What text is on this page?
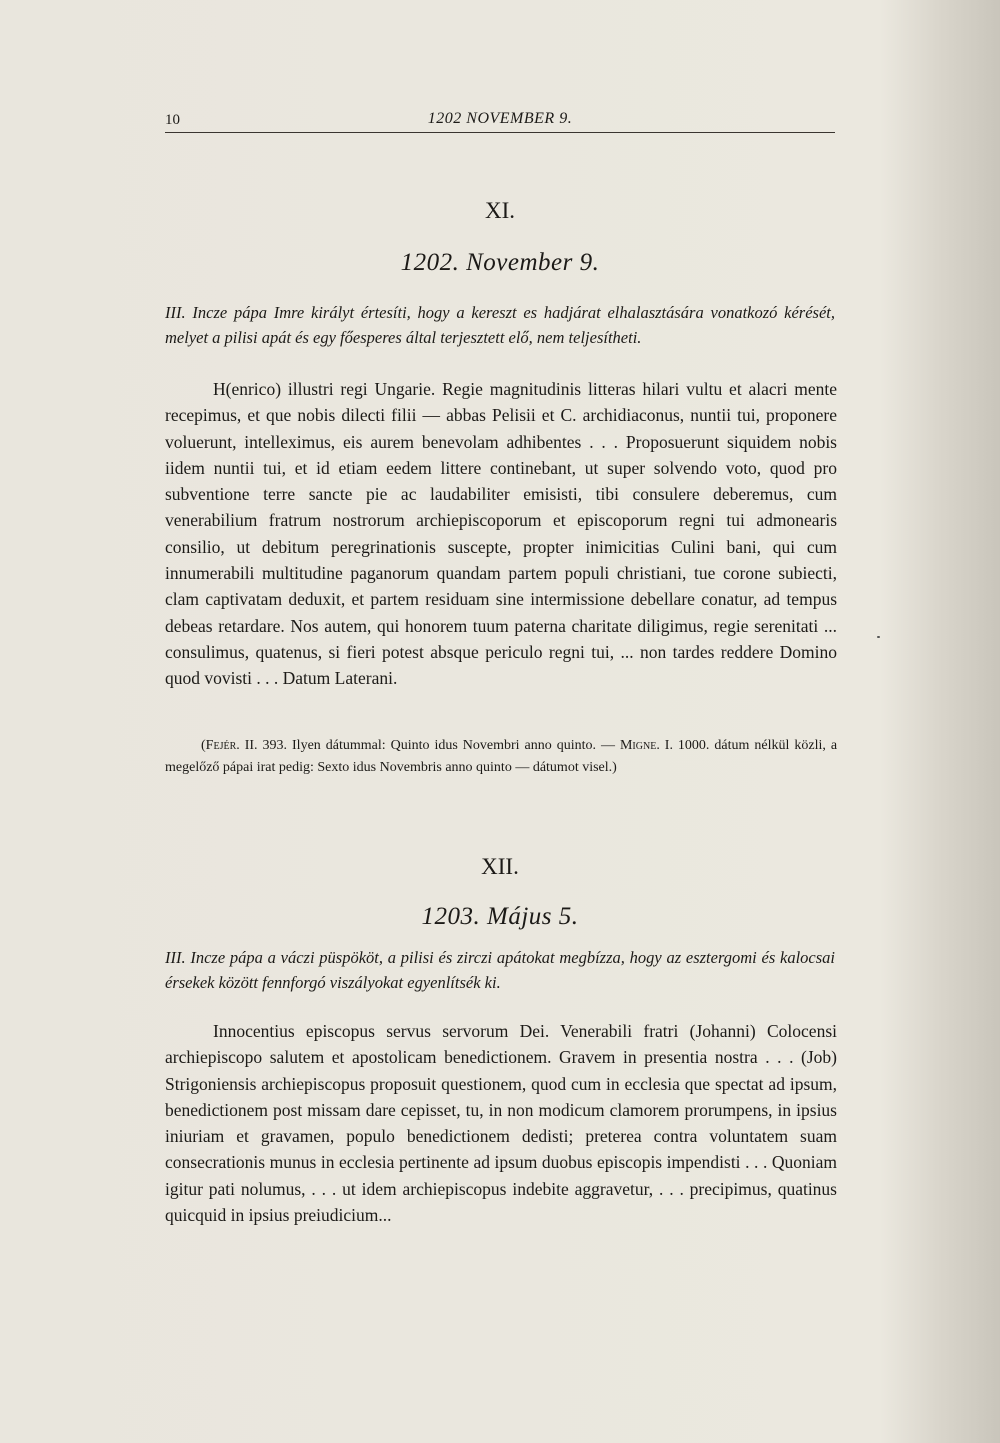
10	1202 NOVEMBER 9.
XI.
1202. November 9.
III. Incze pápa Imre királyt értesíti, hogy a kereszt es hadjárat elhalasztására vonatkozó kérését, melyet a pilisi apát és egy főesperes által terjesztett elő, nem teljesítheti.
H(enrico) illustri regi Ungarie. Regie magnitudinis litteras hilari vultu et alacri mente recepimus, et que nobis dilecti filii — abbas Pelisii et C. archidiaconus, nuntii tui, proponere voluerunt, intelleximus, eis aurem benevolam adhibentes . . . Proposuerunt siquidem nobis iidem nuntii tui, et id etiam eedem littere continebant, ut super solvendo voto, quod pro subventione terre sancte pie ac laudabiliter emisisti, tibi consulere deberemus, cum venerabilium fratrum nostrorum archiepiscoporum et episcoporum regni tui admonearis consilio, ut debitum peregrinationis suscepte, propter inimicitias Culini bani, qui cum innumerabili multitudine paganorum quandam partem populi christiani, tue corone subiecti, clam captivatam deduxit, et partem residuam sine intermissione debellare conatur, ad tempus debeas retardare. Nos autem, qui honorem tuum paterna charitate diligimus, regie serenitati ... consulimus, quatenus, si fieri potest absque periculo regni tui, ... non tardes reddere Domino quod vovisti . . . Datum Laterani.
(Fejér. II. 393. Ilyen dátummal: Quinto idus Novembri anno quinto. — Migne. I. 1000. dátum nélkül közli, a megelőző pápai irat pedig: Sexto idus Novembris anno quinto — dátumot visel.)
XII.
1203. Május 5.
III. Incze pápa a váczi püspököt, a pilisi és zirczi apátokat megbízza, hogy az esztergomi és kalocsai érsekek között fennforgó viszályokat egyenlítsék ki.
Innocentius episcopus servus servorum Dei. Venerabili fratri (Johanni) Colocensi archiepiscopo salutem et apostolicam benedictionem. Gravem in presentia nostra . . . (Job) Strigoniensis archiepiscopus proposuit questionem, quod cum in ecclesia que spectat ad ipsum, benedictionem post missam dare cepisset, tu, in non modicum clamorem prorumpens, in ipsius iniuriam et gravamen, populo benedictionem dedisti; preterea contra voluntatem suam consecrationis munus in ecclesia pertinente ad ipsum duobus episcopis impendisti . . . Quoniam igitur pati nolumus, . . . ut idem archiepiscopus indebite aggravetur, . . . precipimus, quatinus quicquid in ipsius preiudicium...
